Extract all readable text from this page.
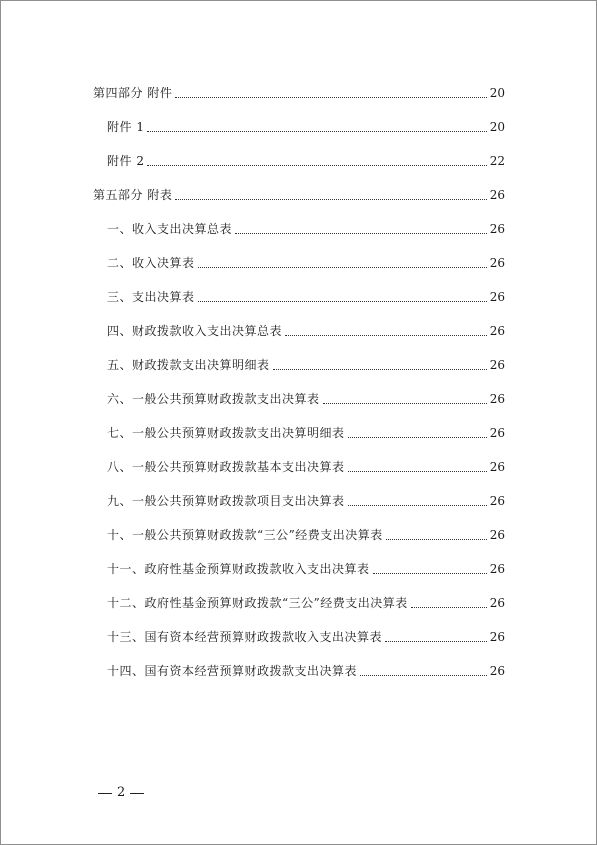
第四部分 附件	20
附件 1	20
附件 2	22
第五部分 附表	26
一、收入支出决算总表	26
二、收入决算表	26
三、支出决算表	26
四、财政拨款收入支出决算总表	26
五、财政拨款支出决算明细表	26
六、一般公共预算财政拨款支出决算表	26
七、一般公共预算财政拨款支出决算明细表	26
八、一般公共预算财政拨款基本支出决算表	26
九、一般公共预算财政拨款项目支出决算表	26
十、一般公共预算财政拨款“三公”经费支出决算表	26
十一、政府性基金预算财政拨款收入支出决算表	26
十二、政府性基金预算财政拨款“三公”经费支出决算表	26
十三、国有资本经营预算财政拨款收入支出决算表	26
十四、国有资本经营预算财政拨款支出决算表	26
2
